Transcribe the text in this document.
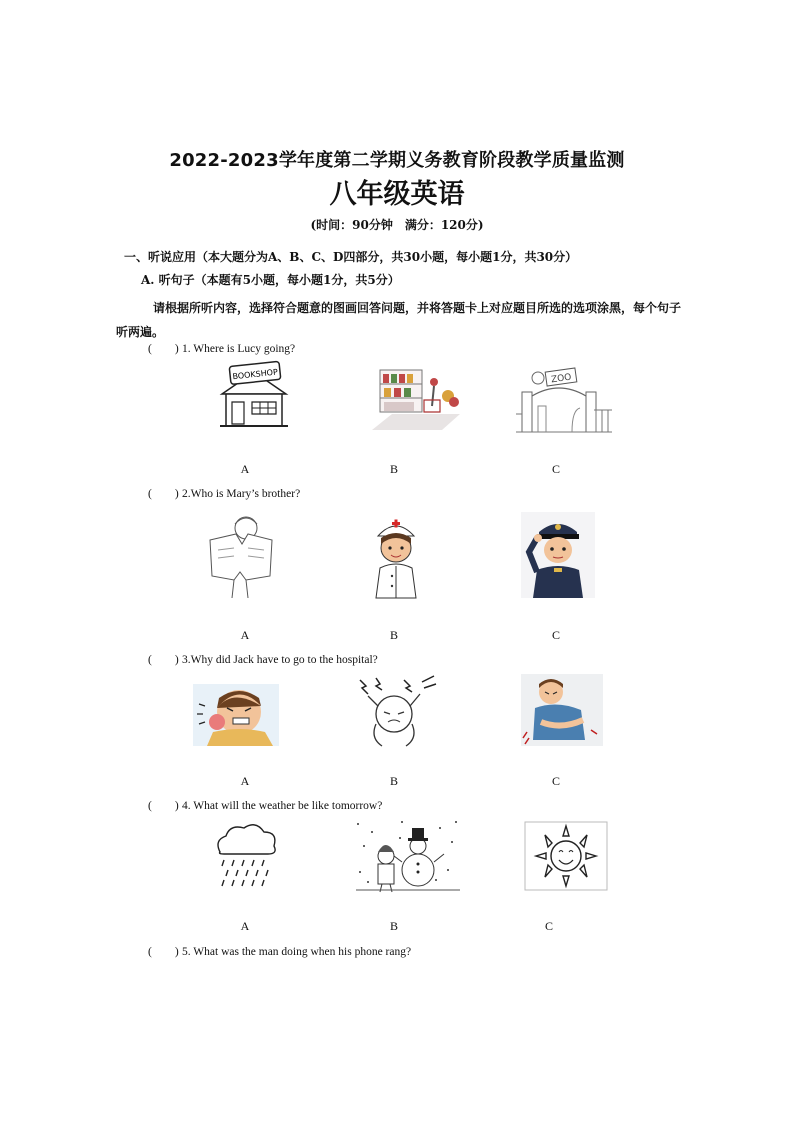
2022-2023学年度第二学期义务教育阶段教学质量监测
八年级英语
(时间：90分钟　满分：120分)
一、听说应用（本大题分为A、B、C、D四部分，共30小题，每小题1分，共30分）
A. 听句子（本题有5小题，每小题1分，共5分）
请根据所听内容，选择符合题意的图画回答问题，并将答题卡上对应题目所选的选项涂黑，每个句子听两遍。
(　　) 1. Where is Lucy going?
BOOKSHOP	ZOO
A	B	C
(　　) 2.Who is Mary’s brother?
A	B	C
(　　) 3.Why did Jack have to go to the hospital?
A	B	C
(　　) 4. What will the weather be like tomorrow?
A	B	C
(　　) 5. What was the man doing when his phone rang?
